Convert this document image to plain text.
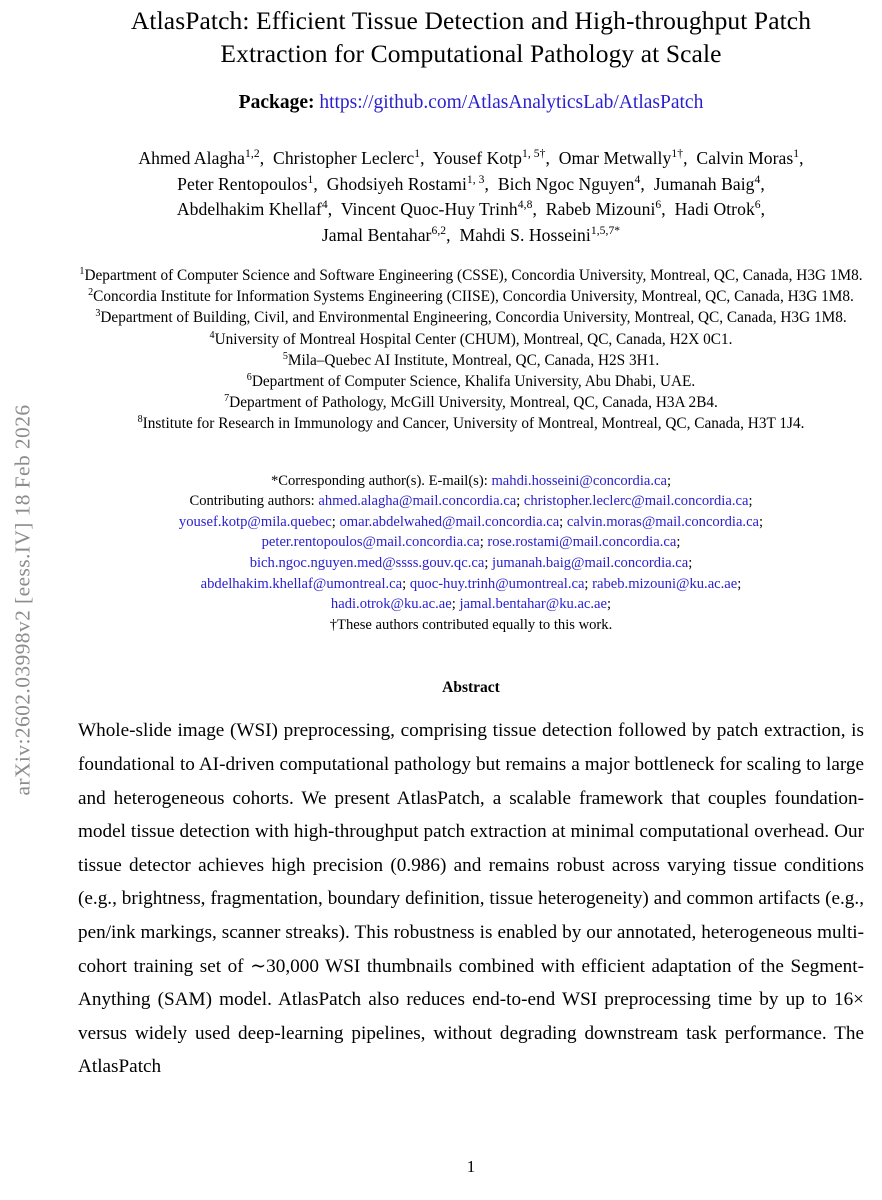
arXiv:2602.03998v2 [eess.IV] 18 Feb 2026
AtlasPatch: Efficient Tissue Detection and High-throughput Patch
Extraction for Computational Pathology at Scale
Package: https://github.com/AtlasAnalyticsLab/AtlasPatch
Ahmed Alagha$^{1,2}$,  Christopher Leclerc$^1$,  Yousef Kotp$^{1, 5\dagger}$,  Omar Metwally$^{1\dagger}$,  Calvin Moras$^1$,
Peter Rentopoulos$^1$,  Ghodsiyeh Rostami$^{1, 3}$,  Bich Ngoc Nguyen$^4$,  Jumanah Baig$^4$,
Abdelhakim Khellaf$^4$,  Vincent Quoc-Huy Trinh$^{4,8}$,  Rabeb Mizouni$^6$,  Hadi Otrok$^6$,
Jamal Bentahar$^{6,2}$,  Mahdi S. Hosseini$^{1,5,7*}$
$^1$Department of Computer Science and Software Engineering (CSSE), Concordia University, Montreal, QC, Canada, H3G 1M8.
$^2$Concordia Institute for Information Systems Engineering (CIISE), Concordia University, Montreal, QC, Canada, H3G 1M8.
$^3$Department of Building, Civil, and Environmental Engineering, Concordia University, Montreal, QC, Canada, H3G 1M8.
$^4$University of Montreal Hospital Center (CHUM), Montreal, QC, Canada, H2X 0C1.
$^5$Mila–Quebec AI Institute, Montreal, QC, Canada, H2S 3H1.
$^6$Department of Computer Science, Khalifa University, Abu Dhabi, UAE.
$^7$Department of Pathology, McGill University, Montreal, QC, Canada, H3A 2B4.
$^8$Institute for Research in Immunology and Cancer, University of Montreal, Montreal, QC, Canada, H3T 1J4.
*Corresponding author(s). E-mail(s): mahdi.hosseini@concordia.ca;
Contributing authors: ahmed.alagha@mail.concordia.ca; christopher.leclerc@mail.concordia.ca;
yousef.kotp@mila.quebec; omar.abdelwahed@mail.concordia.ca; calvin.moras@mail.concordia.ca;
peter.rentopoulos@mail.concordia.ca; rose.rostami@mail.concordia.ca;
bich.ngoc.nguyen.med@ssss.gouv.qc.ca; jumanah.baig@mail.concordia.ca;
abdelhakim.khellaf@umontreal.ca; quoc-huy.trinh@umontreal.ca; rabeb.mizouni@ku.ac.ae;
hadi.otrok@ku.ac.ae; jamal.bentahar@ku.ac.ae;
†These authors contributed equally to this work.
Abstract

Whole-slide image (WSI) preprocessing, comprising tissue detection followed by patch extraction, is foundational to AI-driven computational pathology but remains a major bottleneck for scaling to large and heterogeneous cohorts. We present AtlasPatch, a scalable framework that couples foundation-model tissue detection with high-throughput patch extraction at minimal computational overhead. Our tissue detector achieves high precision (0.986) and remains robust across varying tissue conditions (e.g., brightness, fragmentation, boundary definition, tissue heterogeneity) and common artifacts (e.g., pen/ink markings, scanner streaks). This robustness is enabled by our annotated, heterogeneous multi-cohort training set of ∼30,000 WSI thumbnails combined with efficient adaptation of the Segment-Anything (SAM) model. AtlasPatch also reduces end-to-end WSI preprocessing time by up to 16× versus widely used deep-learning pipelines, without degrading downstream task performance. The AtlasPatch

1
